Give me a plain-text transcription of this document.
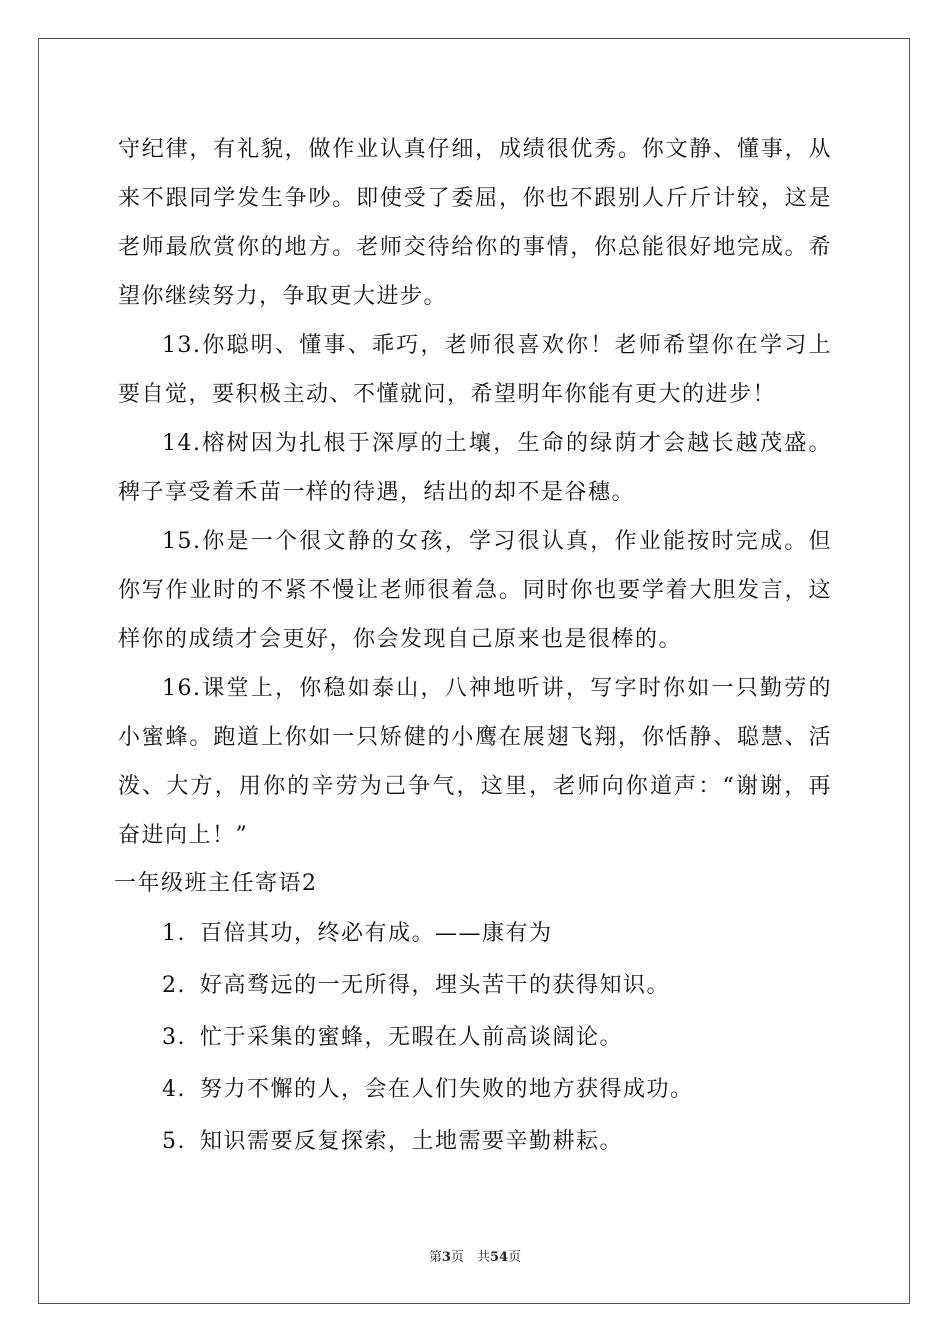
守纪律，有礼貌，做作业认真仔细，成绩很优秀。你文静、懂事，从来不跟同学发生争吵。即使受了委屈，你也不跟别人斤斤计较，这是老师最欣赏你的地方。老师交待给你的事情，你总能很好地完成。希望你继续努力，争取更大进步。

13.你聪明、懂事、乖巧，老师很喜欢你！老师希望你在学习上要自觉，要积极主动、不懂就问，希望明年你能有更大的进步！

14.榕树因为扎根于深厚的土壤，生命的绿荫才会越长越茂盛。稗子享受着禾苗一样的待遇，结出的却不是谷穗。

15.你是一个很文静的女孩，学习很认真，作业能按时完成。但你写作业时的不紧不慢让老师很着急。同时你也要学着大胆发言，这样你的成绩才会更好，你会发现自己原来也是很棒的。

16.课堂上，你稳如泰山，八神地听讲，写字时你如一只勤劳的小蜜蜂。跑道上你如一只矫健的小鹰在展翅飞翔，你恬静、聪慧、活泼、大方，用你的辛劳为己争气，这里，老师向你道声：“谢谢，再奋进向上！”

一年级班主任寄语2
1. 百倍其功，终必有成。——康有为
2. 好高骛远的一无所得，埋头苦干的获得知识。
3. 忙于采集的蜜蜂，无暇在人前高谈阔论。
4. 努力不懈的人，会在人们失败的地方获得成功。
5. 知识需要反复探索，土地需要辛勤耕耘。
第3页　共54页
